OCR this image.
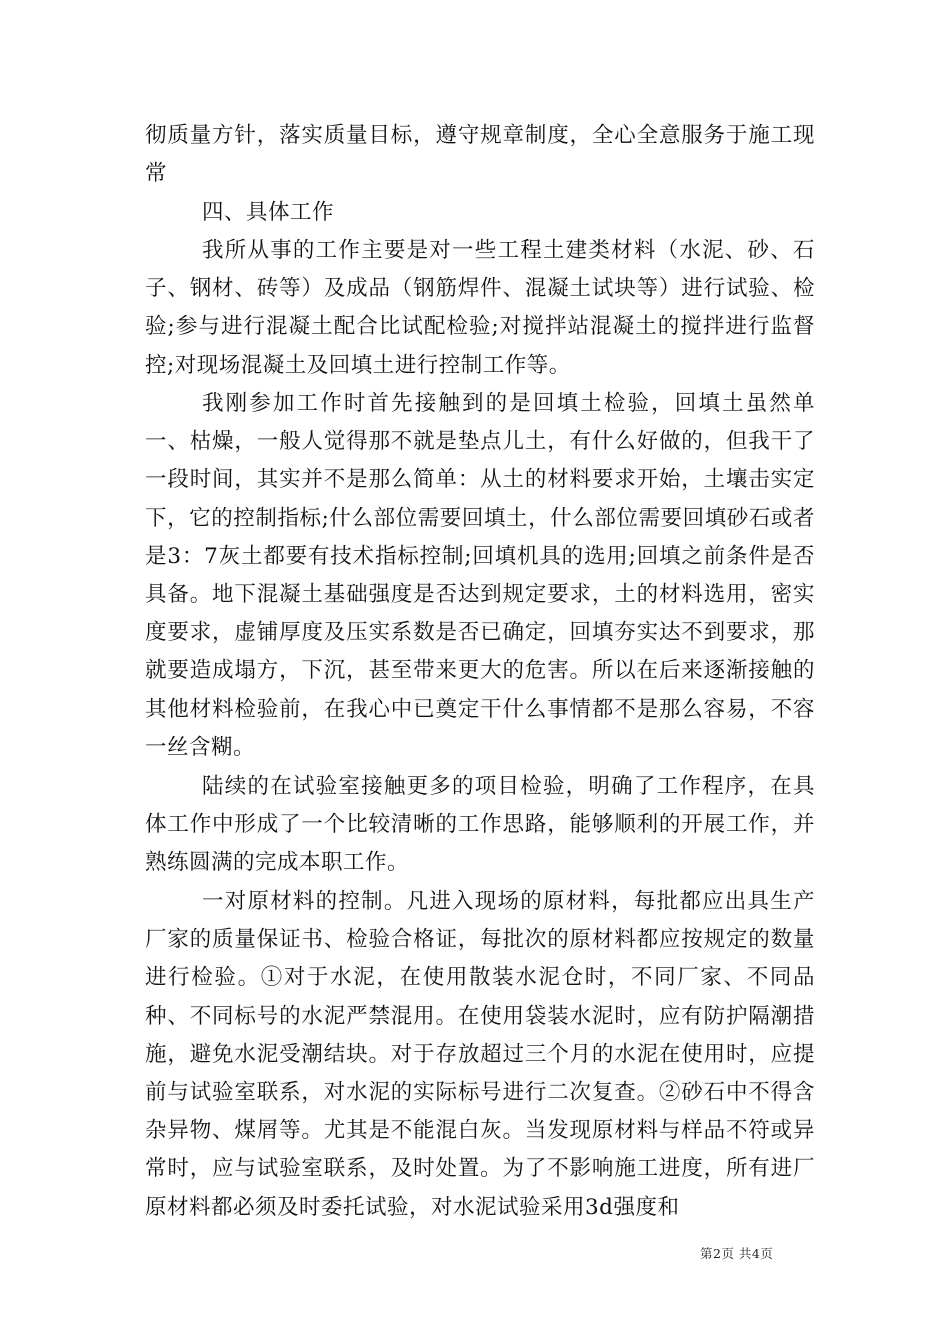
彻质量方针，落实质量目标，遵守规章制度，全心全意服务于施工现常

四、具体工作

我所从事的工作主要是对一些工程土建类材料（水泥、砂、石子、钢材、砖等）及成品（钢筋焊件、混凝土试块等）进行试验、检验;参与进行混凝土配合比试配检验;对搅拌站混凝土的搅拌进行监督控;对现场混凝土及回填土进行控制工作等。

我刚参加工作时首先接触到的是回填土检验，回填土虽然单一、枯燥，一般人觉得那不就是垫点儿土，有什么好做的，但我干了一段时间，其实并不是那么简单：从土的材料要求开始，土壤击实定下，它的控制指标;什么部位需要回填土，什么部位需要回填砂石或者是3：7灰土都要有技术指标控制;回填机具的选用;回填之前条件是否具备。地下混凝土基础强度是否达到规定要求，土的材料选用，密实度要求，虚铺厚度及压实系数是否已确定，回填夯实达不到要求，那就要造成塌方，下沉，甚至带来更大的危害。所以在后来逐渐接触的其他材料检验前，在我心中已奠定干什么事情都不是那么容易，不容一丝含糊。

陆续的在试验室接触更多的项目检验，明确了工作程序，在具体工作中形成了一个比较清晰的工作思路，能够顺利的开展工作，并熟练圆满的完成本职工作。

一对原材料的控制。凡进入现场的原材料，每批都应出具生产厂家的质量保证书、检验合格证，每批次的原材料都应按规定的数量进行检验。①对于水泥，在使用散装水泥仓时，不同厂家、不同品种、不同标号的水泥严禁混用。在使用袋装水泥时，应有防护隔潮措施，避免水泥受潮结块。对于存放超过三个月的水泥在使用时，应提前与试验室联系，对水泥的实际标号进行二次复查。②砂石中不得含杂异物、煤屑等。尤其是不能混白灰。当发现原材料与样品不符或异常时，应与试验室联系，及时处置。为了不影响施工进度，所有进厂原材料都必须及时委托试验，对水泥试验采用3d强度和

第2页 共4页
